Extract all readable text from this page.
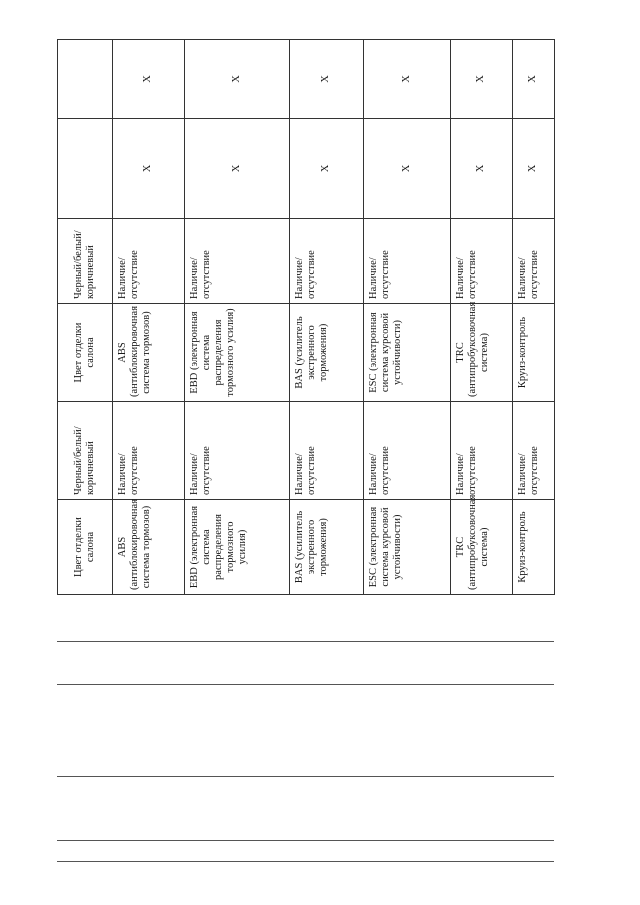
Цвет отделки салона	Черный/белый/коричневый	Цвет отделки салона	Черный/белый/коричневый		
ABS (антиблокировочная система тормозов)	Наличие/отсутствие	ABS (антиблокировочная система тормозов)	Наличие/отсутствие	X	X
EBD (электронная система распределения тормозного усилия)	Наличие/отсутствие	EBD (электронная система распределения тормозного усилия)	Наличие/отсутствие	X	X
BAS (усилитель экстренного торможения)	Наличие/отсутствие	BAS (усилитель экстренного торможения)	Наличие/отсутствие	X	X
ESC (электронная система курсовой устойчивости)	Наличие/отсутствие	ESC (электронная система курсовой устойчивости)	Наличие/отсутствие	X	X
TRC (антипробуксовочная система)	Наличие/отсутствие	TRC (антипробуксовочная система)	Наличие/отсутствие	X	X
Круиз-контроль	Наличие/отсутствие	Круиз-контроль	Наличие/отсутствие	X	X
